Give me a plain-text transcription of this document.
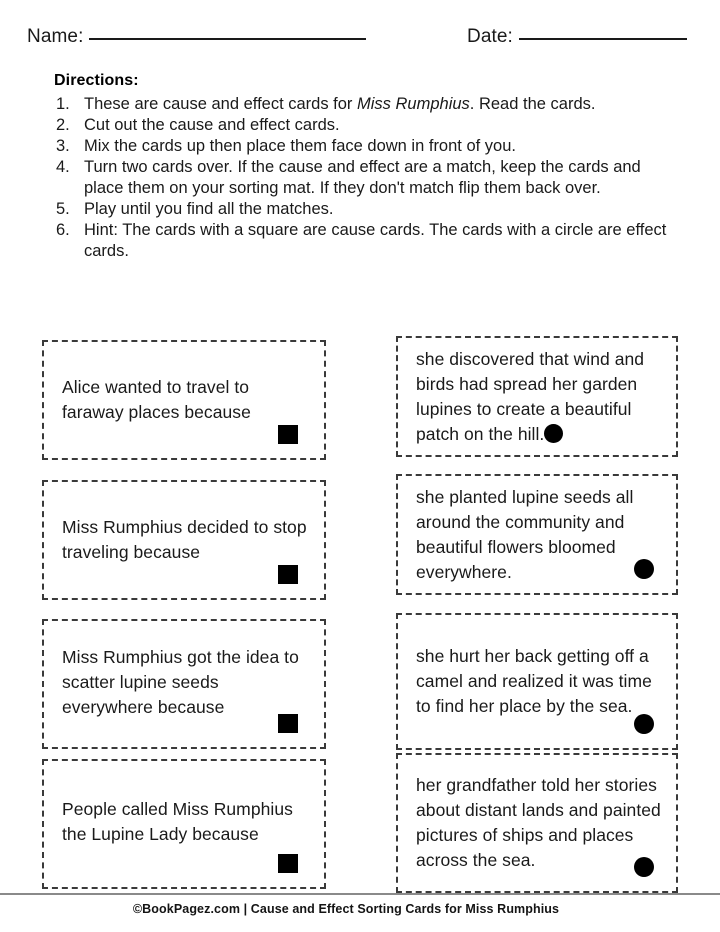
Name:	Date:
Directions:
1. These are cause and effect cards for Miss Rumphius. Read the cards.
2. Cut out the cause and effect cards.
3. Mix the cards up then place them face down in front of you.
4. Turn two cards over. If the cause and effect are a match, keep the cards and place them on your sorting mat. If they don't match flip them back over.
5. Play until you find all the matches.
6. Hint: The cards with a square are cause cards. The cards with a circle are effect cards.
Alice wanted to travel to faraway places because
Miss Rumphius decided to stop traveling because
Miss Rumphius got the idea to scatter lupine seeds everywhere because
People called Miss Rumphius the Lupine Lady because
she discovered that wind and birds had spread her garden lupines to create a beautiful patch on the hill.
she planted lupine seeds all around the community and beautiful flowers bloomed everywhere.
she hurt her back getting off a camel and realized it was time to find her place by the sea.
her grandfather told her stories about distant lands and painted pictures of ships and places across the sea.
©BookPagez.com | Cause and Effect Sorting Cards for Miss Rumphius
